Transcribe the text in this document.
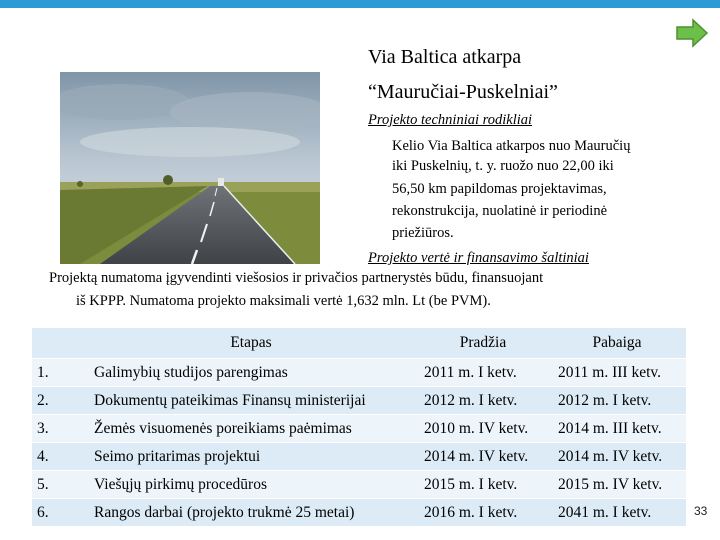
Via Baltica atkarpa
“Mauručiai-Puskelniai”
Projekto techniniai rodikliai
Kelio Via Baltica atkarpos nuo Mauručių
iki Puskelnių, t. y. ruožo nuo 22,00 iki
56,50 km papildomas projektavimas,
rekonstrukcija, nuolatinė ir periodinė
priežiūros.
Projekto vertė ir finansavimo šaltiniai
Projektą numatoma įgyvendinti viešosios ir privačios partnerystės būdu, finansuojant
iš KPPP. Numatoma projekto maksimali vertė 1,632 mln. Lt (be PVM).
	Etapas	Pradžia	Pabaiga
1.	Galimybių studijos parengimas	2011 m. I ketv.	2011 m. III ketv.
2.	Dokumentų pateikimas Finansų ministerijai	2012 m. I ketv.	2012 m. I ketv.
3.	Žemės visuomenės poreikiams paėmimas	2010 m. IV ketv.	2014 m. III ketv.
4.	Seimo pritarimas projektui	2014 m. IV ketv.	2014 m. IV ketv.
5.	Viešųjų pirkimų procedūros	2015 m. I ketv.	2015 m. IV ketv.
6.	Rangos darbai (projekto trukmė 25 metai)	2016 m. I ketv.	2041 m. I ketv.	33
